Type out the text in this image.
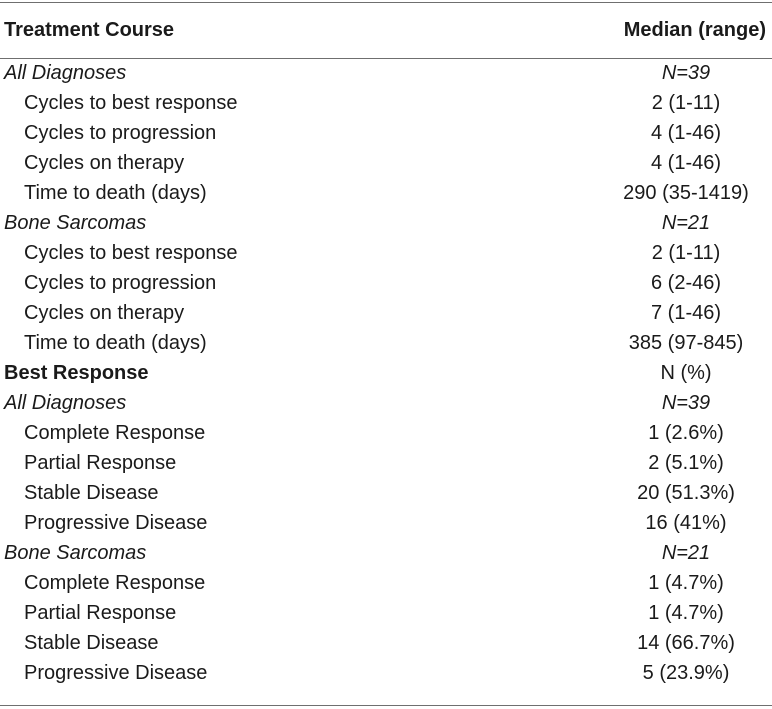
Treatment Course	Median (range)
All Diagnoses	N=39
Cycles to best response	2 (1-11)
Cycles to progression	4 (1-46)
Cycles on therapy	4 (1-46)
Time to death (days)	290 (35-1419)
Bone Sarcomas	N=21
Cycles to best response	2 (1-11)
Cycles to progression	6 (2-46)
Cycles on therapy	7 (1-46)
Time to death (days)	385 (97-845)
Best Response	N (%)
All Diagnoses	N=39
Complete Response	1 (2.6%)
Partial Response	2 (5.1%)
Stable Disease	20 (51.3%)
Progressive Disease	16 (41%)
Bone Sarcomas	N=21
Complete Response	1 (4.7%)
Partial Response	1 (4.7%)
Stable Disease	14 (66.7%)
Progressive Disease	5 (23.9%)
